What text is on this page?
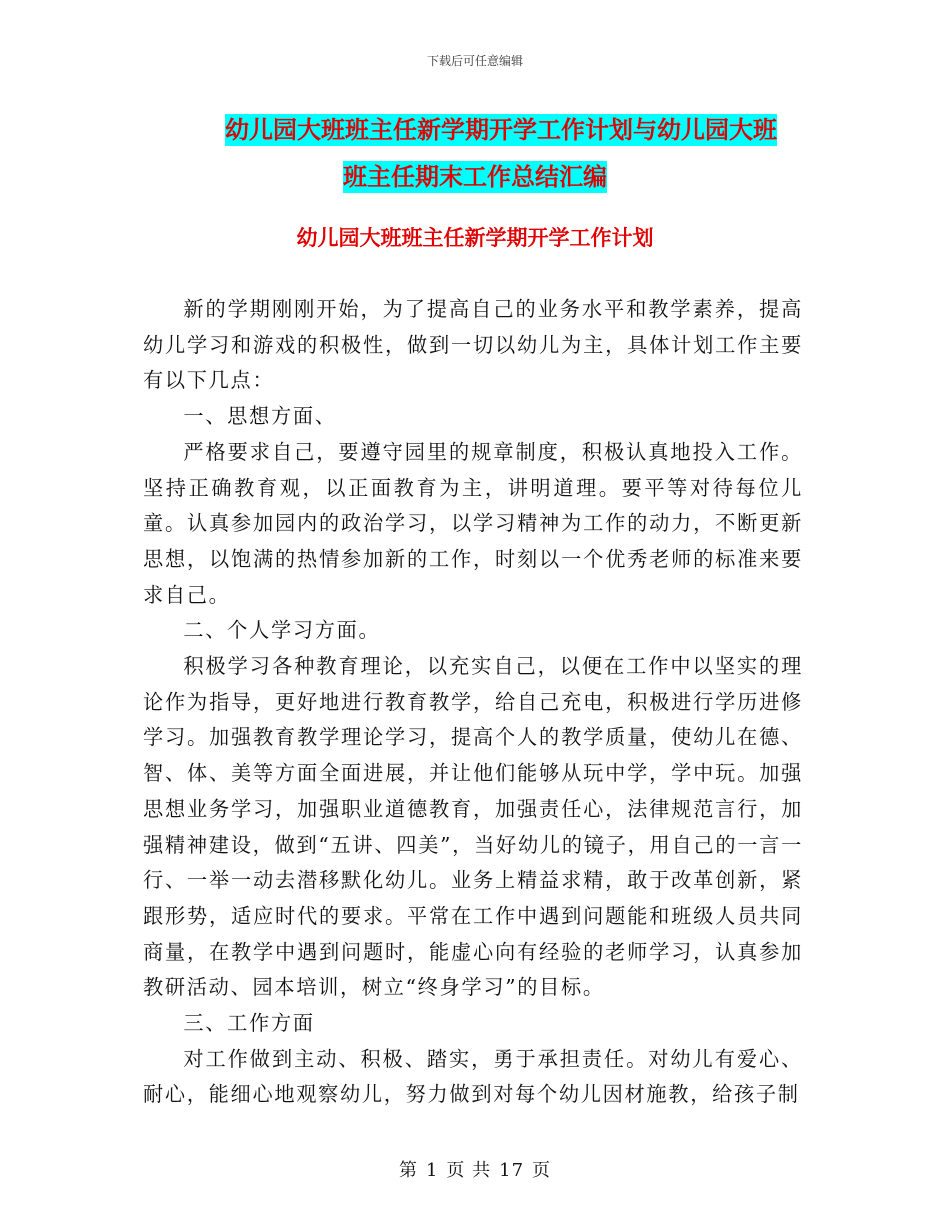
下载后可任意编辑
幼儿园大班班主任新学期开学工作计划与幼儿园大班
班主任期末工作总结汇编
幼儿园大班班主任新学期开学工作计划

新的学期刚刚开始，为了提高自己的业务水平和教学素养，提高幼儿学习和游戏的积极性，做到一切以幼儿为主，具体计划工作主要有以下几点：

一、思想方面、

严格要求自己，要遵守园里的规章制度，积极认真地投入工作。坚持正确教育观，以正面教育为主，讲明道理。要平等对待每位儿童。认真参加园内的政治学习，以学习精神为工作的动力，不断更新思想，以饱满的热情参加新的工作，时刻以一个优秀老师的标准来要求自己。

二、个人学习方面。

积极学习各种教育理论，以充实自己，以便在工作中以坚实的理论作为指导，更好地进行教育教学，给自己充电，积极进行学历进修学习。加强教育教学理论学习，提高个人的教学质量，使幼儿在德、智、体、美等方面全面进展，并让他们能够从玩中学，学中玩。加强思想业务学习，加强职业道德教育，加强责任心，法律规范言行，加强精神建设，做到“五讲、四美”，当好幼儿的镜子，用自己的一言一行、一举一动去潜移默化幼儿。业务上精益求精，敢于改革创新，紧跟形势，适应时代的要求。平常在工作中遇到问题能和班级人员共同商量，在教学中遇到问题时，能虚心向有经验的老师学习，认真参加教研活动、园本培训，树立“终身学习”的目标。

三、工作方面

对工作做到主动、积极、踏实，勇于承担责任。对幼儿有爱心、耐心，能细心地观察幼儿，努力做到对每个幼儿因材施教，给孩子制

第 1 页 共 17 页
